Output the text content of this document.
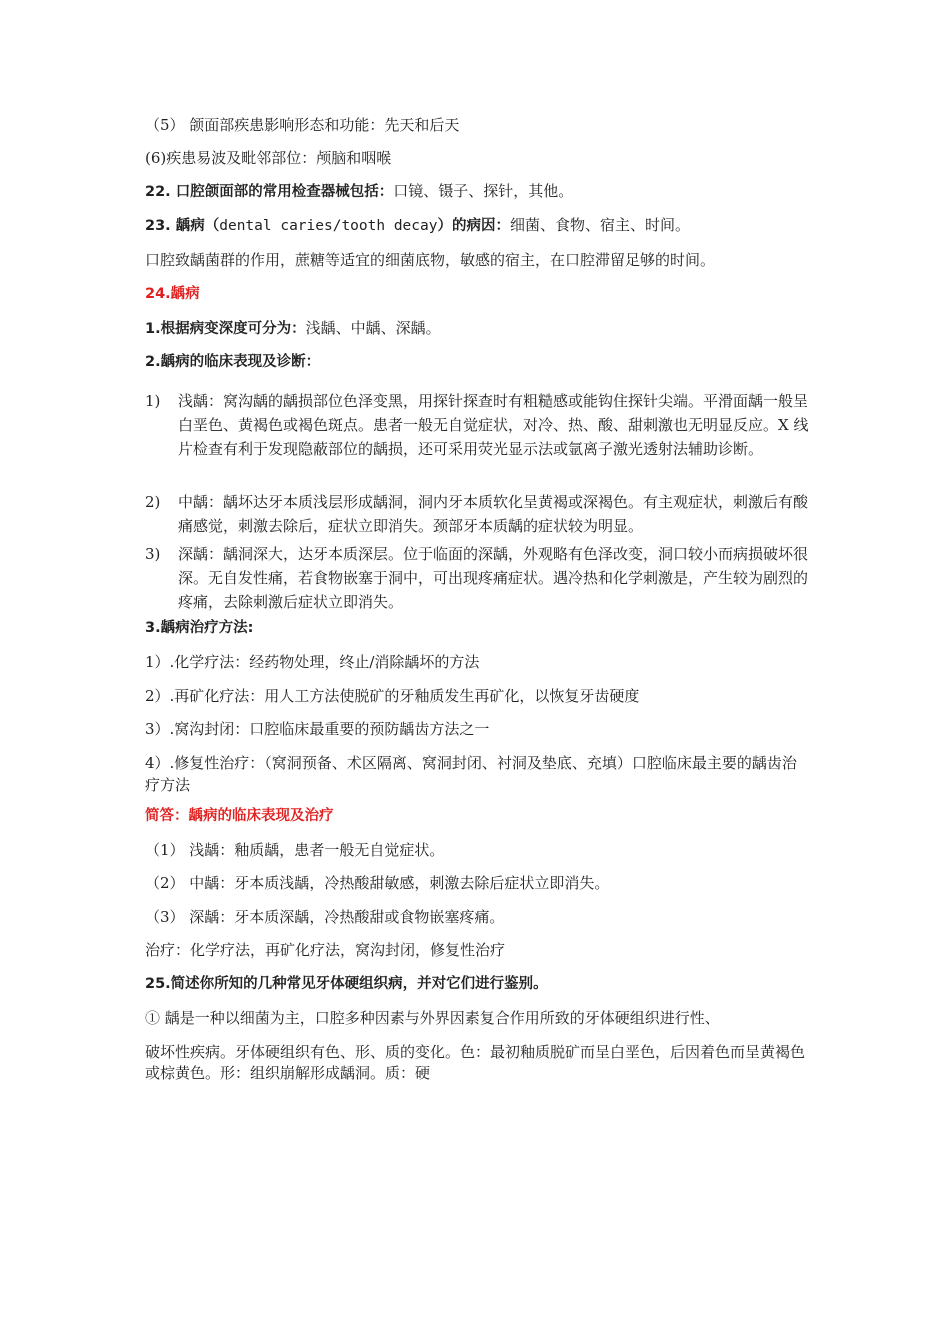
（5） 颌面部疾患影响形态和功能：先天和后天
(6)疾患易波及毗邻部位：颅脑和咽喉
22. 口腔颌面部的常用检查器械包括：口镜、镊子、探针，其他。
23. 龋病（dental caries/tooth decay）的病因：细菌、食物、宿主、时间。
口腔致龋菌群的作用，蔗糖等适宜的细菌底物，敏感的宿主，在口腔滞留足够的时间。
24.龋病
1.根据病变深度可分为：浅龋、中龋、深龋。
2.龋病的临床表现及诊断：
1) 浅龋：窝沟龋的龋损部位色泽变黑，用探针探查时有粗糙感或能钩住探针尖端。平滑面龋一般呈白垩色、黄褐色或褐色斑点。患者一般无自觉症状，对冷、热、酸、甜刺激也无明显反应。X 线片检查有利于发现隐蔽部位的龋损，还可采用荧光显示法或氩离子激光透射法辅助诊断。
2) 中龋：龋坏达牙本质浅层形成龋洞，洞内牙本质软化呈黄褐或深褐色。有主观症状，刺激后有酸痛感觉，刺激去除后，症状立即消失。颈部牙本质龋的症状较为明显。
3) 深龋：龋洞深大，达牙本质深层。位于临面的深龋，外观略有色泽改变，洞口较小而病损破坏很深。无自发性痛，若食物嵌塞于洞中，可出现疼痛症状。遇冷热和化学刺激是，产生较为剧烈的疼痛，去除刺激后症状立即消失。
3.龋病治疗方法:
1）.化学疗法：经药物处理，终止/消除龋坏的方法
2）.再矿化疗法：用人工方法使脱矿的牙釉质发生再矿化，以恢复牙齿硬度
3）.窝沟封闭：口腔临床最重要的预防龋齿方法之一
4）.修复性治疗：（窝洞预备、术区隔离、窝洞封闭、衬洞及垫底、充填）口腔临床最主要的龋齿治疗方法
简答：龋病的临床表现及治疗
（1） 浅龋：釉质龋，患者一般无自觉症状。
（2） 中龋：牙本质浅龋，冷热酸甜敏感，刺激去除后症状立即消失。
（3） 深龋：牙本质深龋，冷热酸甜或食物嵌塞疼痛。
治疗：化学疗法，再矿化疗法，窝沟封闭，修复性治疗
25.简述你所知的几种常见牙体硬组织病，并对它们进行鉴别。
① 龋是一种以细菌为主，口腔多种因素与外界因素复合作用所致的牙体硬组织进行性、
破坏性疾病。牙体硬组织有色、形、质的变化。色：最初釉质脱矿而呈白垩色，后因着色而呈黄褐色或棕黄色。形：组织崩解形成龋洞。质：硬
